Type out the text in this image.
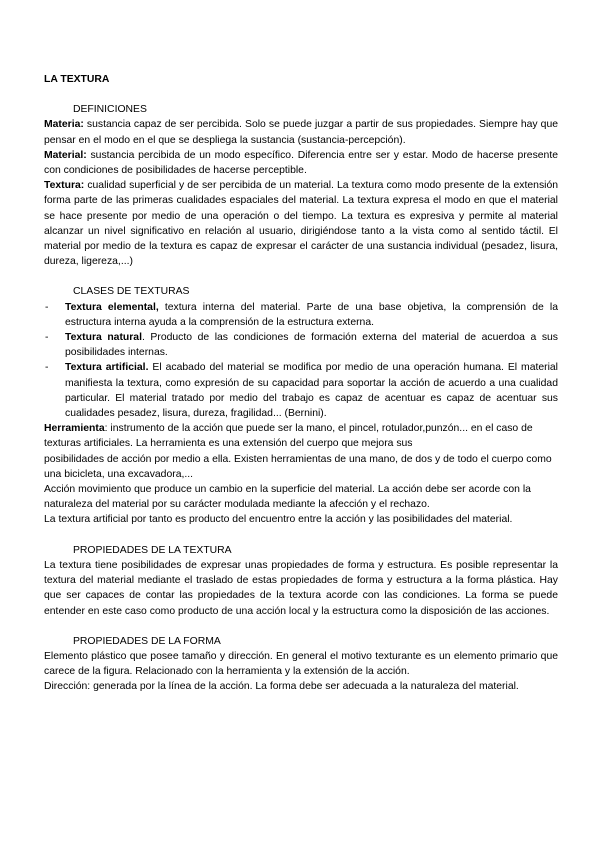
LA TEXTURA
DEFINICIONES

Materia: sustancia capaz de ser percibida. Solo se puede juzgar a partir de sus propiedades. Siempre hay que pensar en el modo en el que se despliega la sustancia (sustancia-percepción).

Material: sustancia percibida de un modo específico. Diferencia entre ser y estar. Modo de hacerse presente con condiciones de posibilidades de hacerse perceptible.

Textura: cualidad superficial y de ser percibida de un material. La textura como modo presente de la extensión forma parte de las primeras cualidades espaciales del material. La textura expresa el modo en que el material se hace presente por medio de una operación o del tiempo. La textura es expresiva y permite al material alcanzar un nivel significativo en relación al usuario, dirigiéndose tanto a la vista como al sentido táctil. El material por medio de la textura es capaz de expresar el carácter de una sustancia individual (pesadez, lisura, dureza, ligereza,...)

CLASES DE TEXTURAS
- Textura elemental, textura interna del material. Parte de una base objetiva, la comprensión de la estructura interna ayuda a la comprensión de la estructura externa.
- Textura natural. Producto de las condiciones de formación externa del material de acuerdoa a sus posibilidades internas.
- Textura artificial. El acabado del material se modifica por medio de una operación humana. El material manifiesta la textura, como expresión de su capacidad para soportar la acción de acuerdo a una cualidad particular. El material tratado por medio del trabajo es capaz de acentuar es capaz de acentuar sus cualidades pesadez, lisura, dureza, fragilidad... (Bernini).

Herramienta: instrumento de la acción que puede ser la mano, el pincel, rotulador,punzón... en el caso de texturas artificiales. La herramienta es una extensión del cuerpo que mejora sus

posibilidades de acción por medio a ella. Existen herramientas de una mano, de dos y de todo el cuerpo como una bicicleta, una excavadora,...

Acción movimiento que produce un cambio en la superficie del material. La acción debe ser acorde con la naturaleza del material por su carácter modulada mediante la afección y el rechazo.

La textura artificial por tanto es producto del encuentro entre la acción y las posibilidades del material.

PROPIEDADES DE LA TEXTURA

La textura tiene posibilidades de expresar unas propiedades de forma y estructura. Es posible representar la textura del material mediante el traslado de estas propiedades de forma y estructura a la forma plástica. Hay que ser capaces de contar las propiedades de la textura acorde con las condiciones. La forma se puede entender en este caso como producto de una acción local y la estructura como la disposición de las acciones.

PROPIEDADES DE LA FORMA

Elemento plástico que posee tamaño y dirección. En general el motivo texturante es un elemento primario que carece de la figura. Relacionado con la herramienta y la extensión de la acción.

Dirección: generada por la línea de la acción. La forma debe ser adecuada a la naturaleza del material.
